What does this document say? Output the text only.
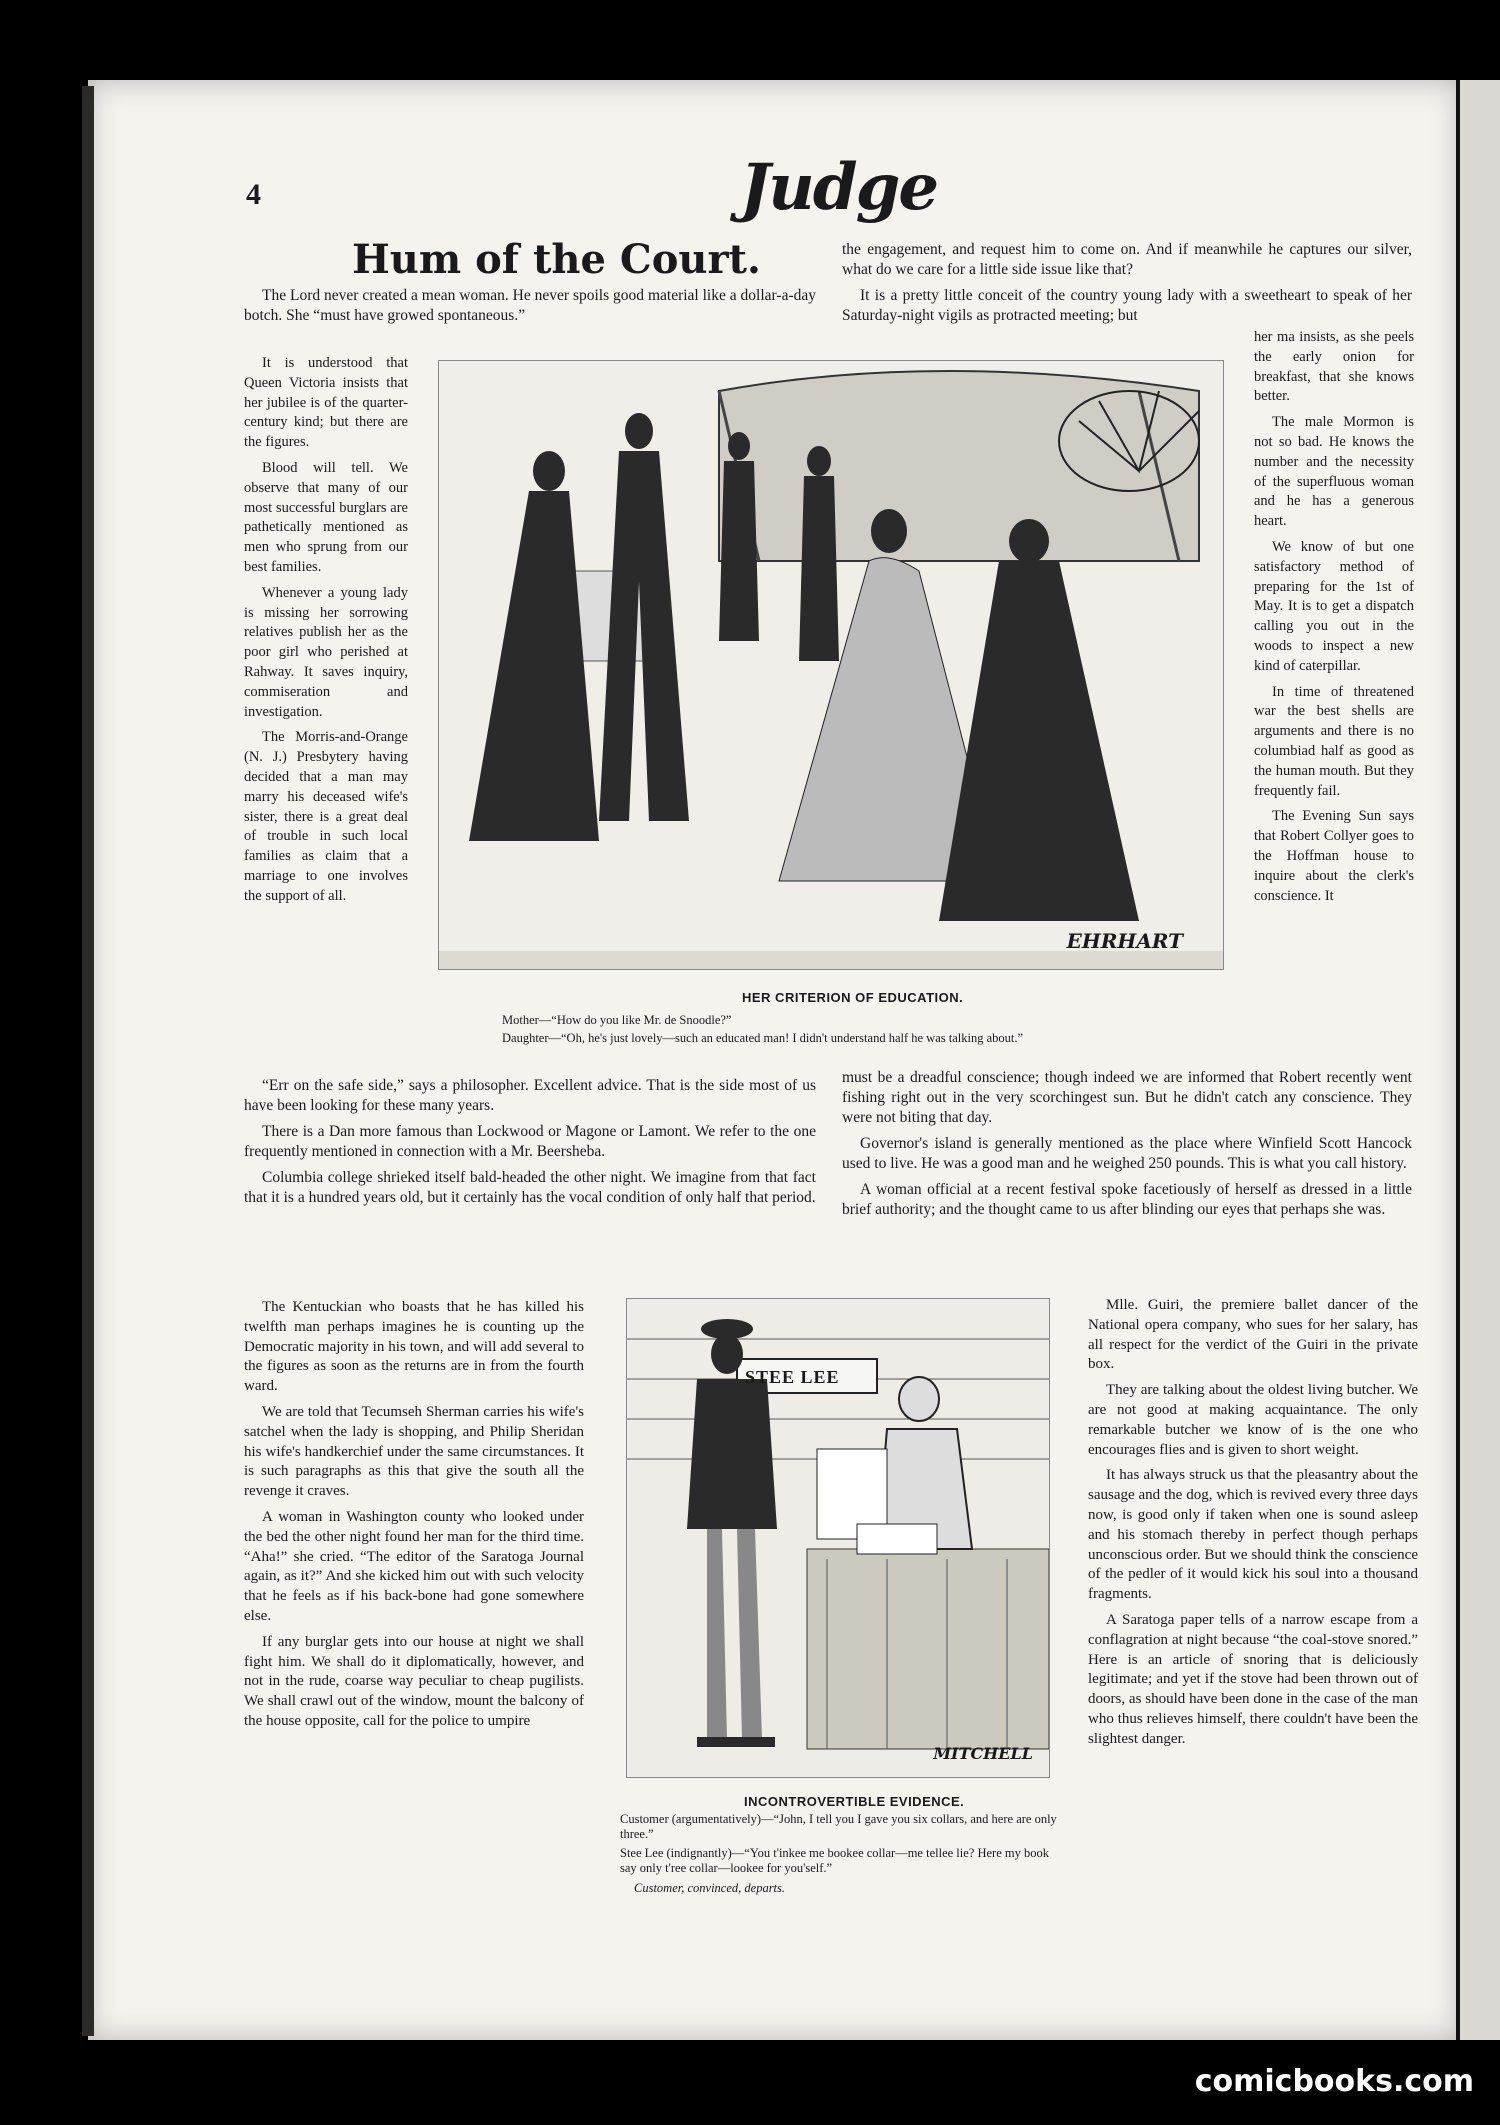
4	Judge
Hum of the Court.

The Lord never created a mean woman. He never spoils good material like a dollar-a-day botch. She “must have growed spontaneous.”

It is understood that Queen Victoria insists that her jubilee is of the quarter-century kind; but there are the figures.

Blood will tell. We observe that many of our most successful burglars are pathetically mentioned as men who sprung from our best families.

Whenever a young lady is missing her sorrowing relatives publish her as the poor girl who perished at Rahway. It saves inquiry, commiseration and investigation.

The Morris-and-Orange (N. J.) Presbytery having decided that a man may marry his deceased wife's sister, there is a great deal of trouble in such local families as claim that a marriage to one involves the support of all.

the engagement, and request him to come on. And if meanwhile he captures our silver, what do we care for a little side issue like that?

It is a pretty little conceit of the country young lady with a sweetheart to speak of her Saturday-night vigils as protracted meeting; but

her ma insists, as she peels the early onion for breakfast, that she knows better.

The male Mormon is not so bad. He knows the number and the necessity of the superfluous woman and he has a generous heart.

We know of but one satisfactory method of preparing for the 1st of May. It is to get a dispatch calling you out in the woods to inspect a new kind of caterpillar.

In time of threatened war the best shells are arguments and there is no columbiad half as good as the human mouth. But they frequently fail.

The Evening Sun says that Robert Collyer goes to the Hoffman house to inquire about the clerk's conscience. It

EHRHART
HER CRITERION OF EDUCATION.
Mother—“How do you like Mr. de Snoodle?”
Daughter—“Oh, he's just lovely—such an educated man! I didn't understand half he was talking about.”

“Err on the safe side,” says a philosopher. Excellent advice. That is the side most of us have been looking for these many years.

There is a Dan more famous than Lockwood or Magone or Lamont. We refer to the one frequently mentioned in connection with a Mr. Beersheba.

Columbia college shrieked itself bald-headed the other night. We imagine from that fact that it is a hundred years old, but it certainly has the vocal condition of only half that period.

must be a dreadful conscience; though indeed we are informed that Robert recently went fishing right out in the very scorchingest sun. But he didn't catch any conscience. They were not biting that day.

Governor's island is generally mentioned as the place where Winfield Scott Hancock used to live. He was a good man and he weighed 250 pounds. This is what you call history.

A woman official at a recent festival spoke facetiously of herself as dressed in a little brief authority; and the thought came to us after blinding our eyes that perhaps she was.

The Kentuckian who boasts that he has killed his twelfth man perhaps imagines he is counting up the Democratic majority in his town, and will add several to the figures as soon as the returns are in from the fourth ward.

We are told that Tecumseh Sherman carries his wife's satchel when the lady is shopping, and Philip Sheridan his wife's handkerchief under the same circumstances. It is such paragraphs as this that give the south all the revenge it craves.

A woman in Washington county who looked under the bed the other night found her man for the third time. “Aha!” she cried. “The editor of the Saratoga Journal again, as it?” And she kicked him out with such velocity that he feels as if his back-bone had gone somewhere else.

If any burglar gets into our house at night we shall fight him. We shall do it diplomatically, however, and not in the rude, coarse way peculiar to cheap pugilists. We shall crawl out of the window, mount the balcony of the house opposite, call for the police to umpire

STEE LEE
MITCHELL
INCONTROVERTIBLE EVIDENCE.
Customer (argumentatively)—“John, I tell you I gave you six collars, and here are only three.”
Stee Lee (indignantly)—“You t'inkee me bookee collar—me tellee lie? Here my book say only t'ree collar—lookee for you'self.”
Customer, convinced, departs.

Mlle. Guiri, the premiere ballet dancer of the National opera company, who sues for her salary, has all respect for the verdict of the Guiri in the private box.

They are talking about the oldest living butcher. We are not good at making acquaintance. The only remarkable butcher we know of is the one who encourages flies and is given to short weight.

It has always struck us that the pleasantry about the sausage and the dog, which is revived every three days now, is good only if taken when one is sound asleep and his stomach thereby in perfect though perhaps unconscious order. But we should think the conscience of the pedler of it would kick his soul into a thousand fragments.

A Saratoga paper tells of a narrow escape from a conflagration at night because “the coal-stove snored.” Here is an article of snoring that is deliciously legitimate; and yet if the stove had been thrown out of doors, as should have been done in the case of the man who thus relieves himself, there couldn't have been the slightest danger.

comicbooks.com
